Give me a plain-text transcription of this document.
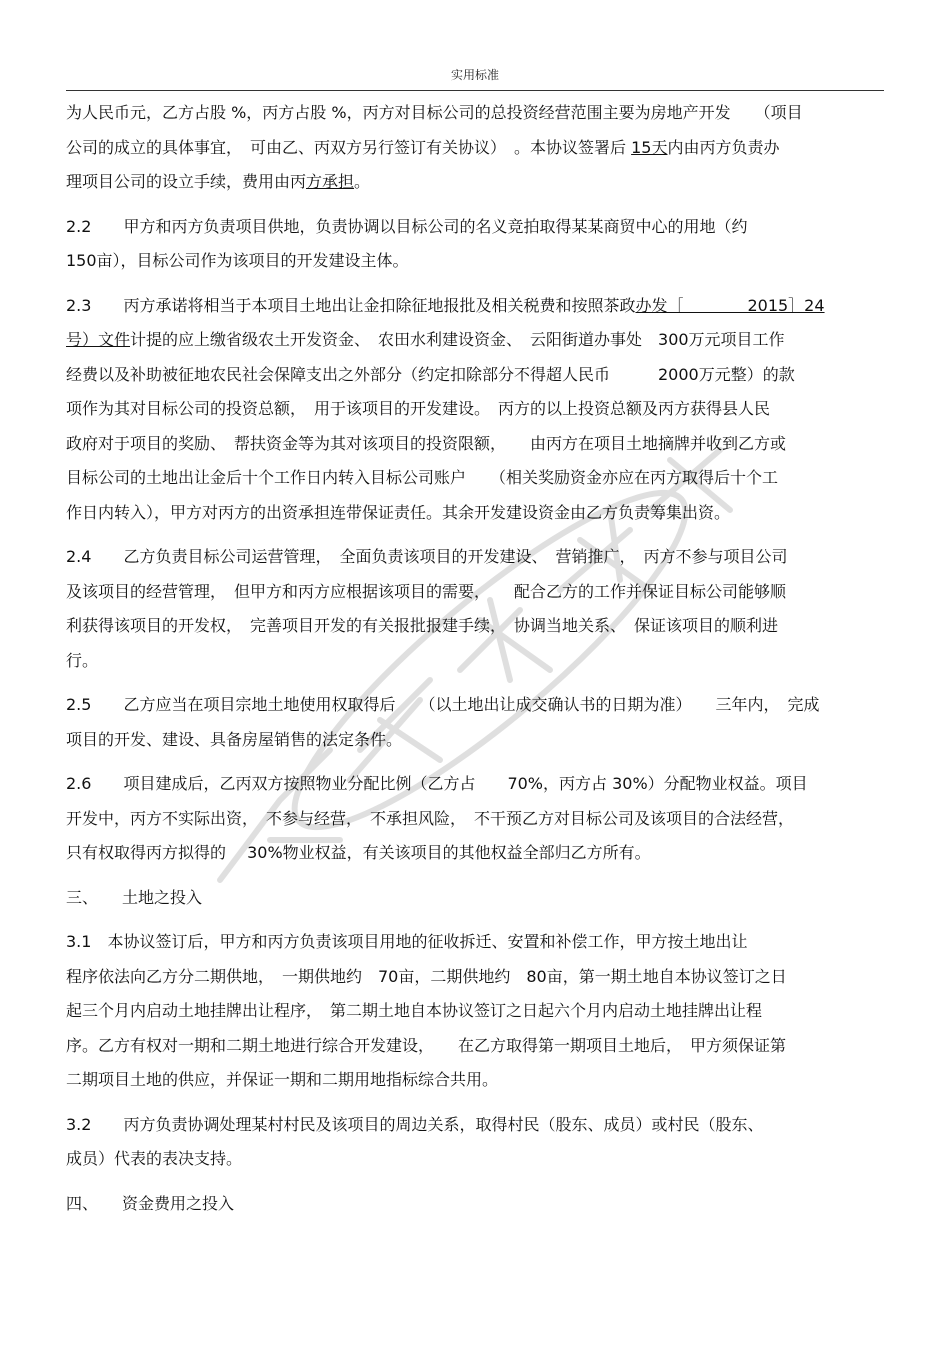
实用标准
为人民币元，乙方占股 %，丙方占股 %，丙方对目标公司的总投资经营范围主要为房地产开发　　（项目
公司的成立的具体事宜，　可由乙、丙双方另行签订有关协议）　。本协议签署后 15天内由丙方负责办
理项目公司的设立手续，费用由丙方承担。
2.2　　甲方和丙方负责项目供地，负责协调以目标公司的名义竞拍取得某某商贸中心的用地（约
150亩），目标公司作为该项目的开发建设主体。
2.3　　丙方承诺将相当于本项目土地出让金扣除征地报批及相关税费和按照茶政办发［　　　　2015］24
号）文件计提的应上缴省级农土开发资金、　农田水利建设资金、　云阳街道办事处　300万元项目工作
经费以及补助被征地农民社会保障支出之外部分（约定扣除部分不得超人民币　　　2000万元整）的款
项作为其对目标公司的投资总额，　用于该项目的开发建设。　丙方的以上投资总额及丙方获得县人民
政府对于项目的奖励、　帮扶资金等为其对该项目的投资限额，　　由丙方在项目土地摘牌并收到乙方或
目标公司的土地出让金后十个工作日内转入目标公司账户　　（相关奖励资金亦应在丙方取得后十个工
作日内转入），甲方对丙方的出资承担连带保证责任。其余开发建设资金由乙方负责筹集出资。
2.4　　乙方负责目标公司运营管理，　全面负责该项目的开发建设、　营销推广，　丙方不参与项目公司
及该项目的经营管理，　但甲方和丙方应根据该项目的需要，　　配合乙方的工作并保证目标公司能够顺
利获得该项目的开发权，　完善项目开发的有关报批报建手续，　协调当地关系、　保证该项目的顺利进
行。
2.5　　乙方应当在项目宗地土地使用权取得后　　（以土地出让成交确认书的日期为准）　　三年内，　完成
项目的开发、建设、具备房屋销售的法定条件。
2.6　　项目建成后，乙丙双方按照物业分配比例（乙方占　　70%，丙方占 30%）分配物业权益。项目
开发中，丙方不实际出资，　不参与经营，　不承担风险，　不干预乙方对目标公司及该项目的合法经营，
只有权取得丙方拟得的　 30%物业权益，有关该项目的其他权益全部归乙方所有。
三、　　土地之投入
3.1　本协议签订后，甲方和丙方负责该项目用地的征收拆迁、安置和补偿工作，甲方按土地出让
程序依法向乙方分二期供地，　一期供地约　70亩，二期供地约　80亩，第一期土地自本协议签订之日
起三个月内启动土地挂牌出让程序，　第二期土地自本协议签订之日起六个月内启动土地挂牌出让程
序。乙方有权对一期和二期土地进行综合开发建设，　　在乙方取得第一期项目土地后，　甲方须保证第
二期项目土地的供应，并保证一期和二期用地指标综合共用。
3.2　　丙方负责协调处理某村村民及该项目的周边关系，取得村民（股东、成员）或村民（股东、
成员）代表的表决支持。
四、　　资金费用之投入
